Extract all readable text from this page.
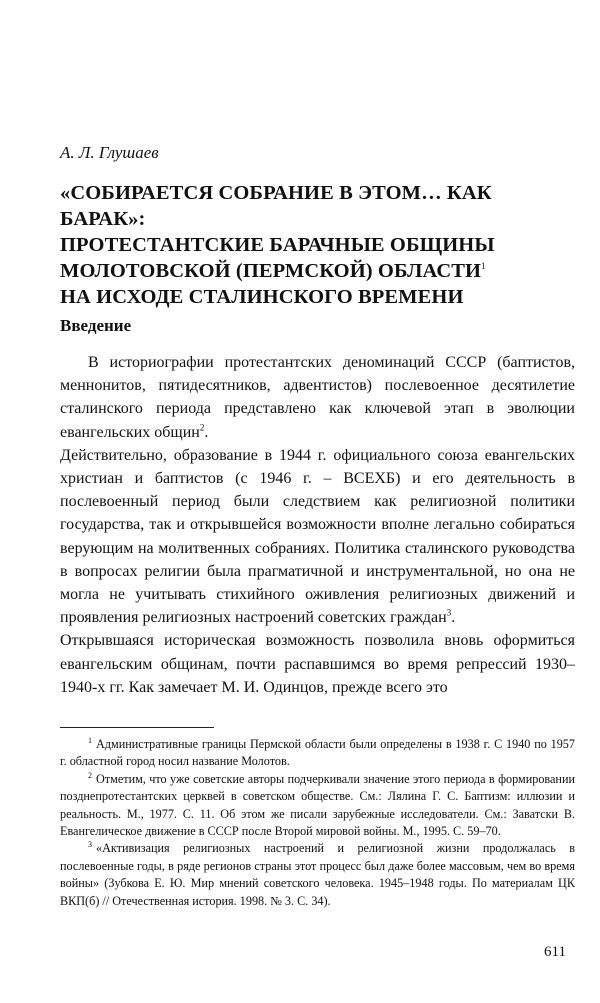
А. Л. Глушаев
«СОБИРАЕТСЯ СОБРАНИЕ В ЭТОМ… КАК БАРАК»:
ПРОТЕСТАНТСКИЕ БАРАЧНЫЕ ОБЩИНЫ
МОЛОТОВСКОЙ (ПЕРМСКОЙ) ОБЛАСТИ$^1$
НА ИСХОДЕ СТАЛИНСКОГО ВРЕМЕНИ
Введение

В историографии протестантских деноминаций СССР (баптистов, меннонитов, пятидесятников, адвентистов) послевоенное десятилетие сталинского периода представлено как ключевой этап в эволюции евангельских общин$^2$.

Действительно, образование в 1944 г. официального союза евангельских христиан и баптистов (с 1946 г. – ВСЕХБ) и его деятельность в послевоенный период были следствием как религиозной политики государства, так и открывшейся возможности вполне легально собираться верующим на молитвенных собраниях. Политика сталинского руководства в вопросах религии была прагматичной и инструментальной, но она не могла не учитывать стихийного оживления религиозных движений и проявления религиозных настроений советских граждан$^3$.

Открывшаяся историческая возможность позволила вновь оформиться евангельским общинам, почти распавшимся во время репрессий 1930–1940-х гг. Как замечает М. И. Одинцов, прежде всего это

$^1$ Административные границы Пермской области были определены в 1938 г. С 1940 по 1957 г. областной город носил название Молотов.

$^2$ Отметим, что уже советские авторы подчеркивали значение этого периода в формировании позднепротестантских церквей в советском обществе. См.: Лялина Г. С. Баптизм: иллюзии и реальность. М., 1977. С. 11. Об этом же писали зарубежные исследователи. См.: Заватски В. Евангелическое движение в СССР после Второй мировой войны. М., 1995. С. 59–70.

$^3$ «Активизация религиозных настроений и религиозной жизни продолжалась в послевоенные годы, в ряде регионов страны этот процесс был даже более массовым, чем во время войны» (Зубкова Е. Ю. Мир мнений советского человека. 1945–1948 годы. По материалам ЦК ВКП(б) // Отечественная история. 1998. № 3. С. 34).

611
